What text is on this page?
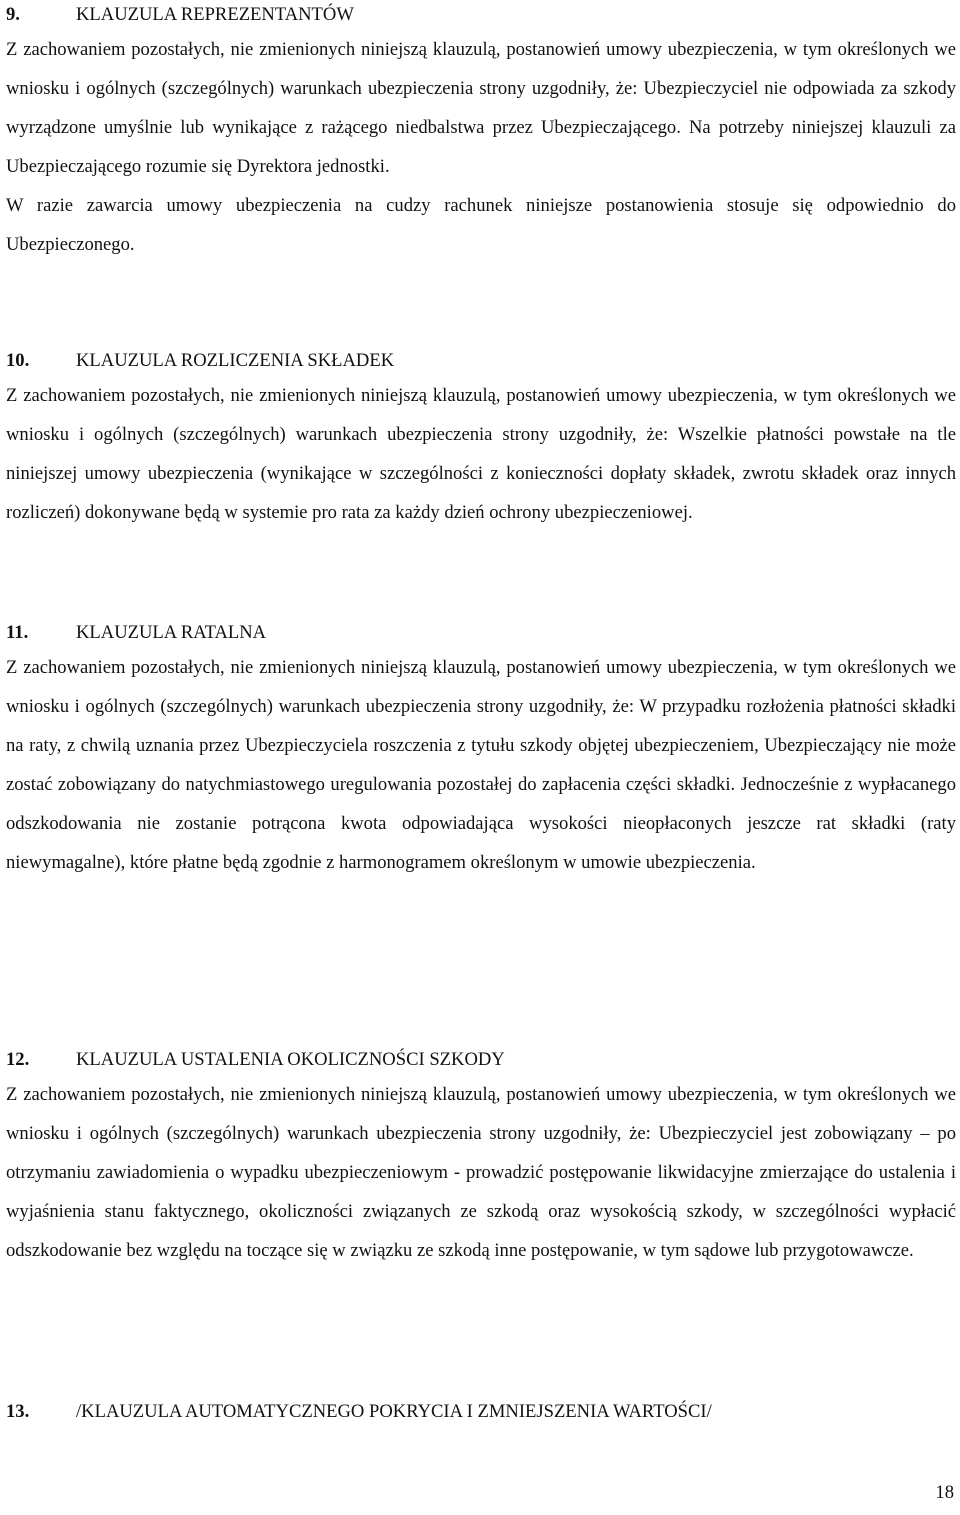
9.	KLAUZULA REPREZENTANTÓW

Z zachowaniem pozostałych, nie zmienionych niniejszą klauzulą, postanowień umowy ubezpieczenia, w tym określonych we wniosku i ogólnych (szczególnych) warunkach ubezpieczenia strony uzgodniły, że: Ubezpieczyciel nie odpowiada za szkody wyrządzone umyślnie lub wynikające z rażącego niedbalstwa przez Ubezpieczającego. Na potrzeby niniejszej klauzuli za Ubezpieczającego rozumie się Dyrektora jednostki.

W razie zawarcia umowy ubezpieczenia na cudzy rachunek niniejsze postanowienia stosuje się odpowiednio do Ubezpieczonego.

10.	KLAUZULA ROZLICZENIA SKŁADEK

Z zachowaniem pozostałych, nie zmienionych niniejszą klauzulą, postanowień umowy ubezpieczenia, w tym określonych we wniosku i ogólnych (szczególnych) warunkach ubezpieczenia strony uzgodniły, że: Wszelkie płatności powstałe na tle niniejszej umowy ubezpieczenia (wynikające w szczególności z konieczności dopłaty składek, zwrotu składek oraz innych rozliczeń) dokonywane będą w systemie pro rata za każdy dzień ochrony ubezpieczeniowej.

11.	KLAUZULA RATALNA

Z zachowaniem pozostałych, nie zmienionych niniejszą klauzulą, postanowień umowy ubezpieczenia, w tym określonych we wniosku i ogólnych (szczególnych) warunkach ubezpieczenia strony uzgodniły, że: W przypadku rozłożenia płatności składki na raty, z chwilą uznania przez Ubezpieczyciela roszczenia z tytułu szkody objętej ubezpieczeniem, Ubezpieczający nie może zostać zobowiązany do natychmiastowego uregulowania pozostałej do zapłacenia części składki. Jednocześnie z wypłacanego odszkodowania nie zostanie potrącona kwota odpowiadająca wysokości nieopłaconych jeszcze rat składki (raty niewymagalne), które płatne będą zgodnie z harmonogramem określonym w umowie ubezpieczenia.

12.	KLAUZULA USTALENIA OKOLICZNOŚCI SZKODY

Z zachowaniem pozostałych, nie zmienionych niniejszą klauzulą, postanowień umowy ubezpieczenia, w tym określonych we wniosku i ogólnych (szczególnych) warunkach ubezpieczenia strony uzgodniły, że: Ubezpieczyciel jest zobowiązany – po otrzymaniu zawiadomienia o wypadku ubezpieczeniowym - prowadzić postępowanie likwidacyjne zmierzające do ustalenia i wyjaśnienia stanu faktycznego, okoliczności związanych ze szkodą oraz wysokością szkody, w szczególności wypłacić odszkodowanie bez względu na toczące się w związku ze szkodą inne postępowanie, w tym sądowe lub przygotowawcze.

13.	/KLAUZULA AUTOMATYCZNEGO POKRYCIA I ZMNIEJSZENIA WARTOŚCI/
18
